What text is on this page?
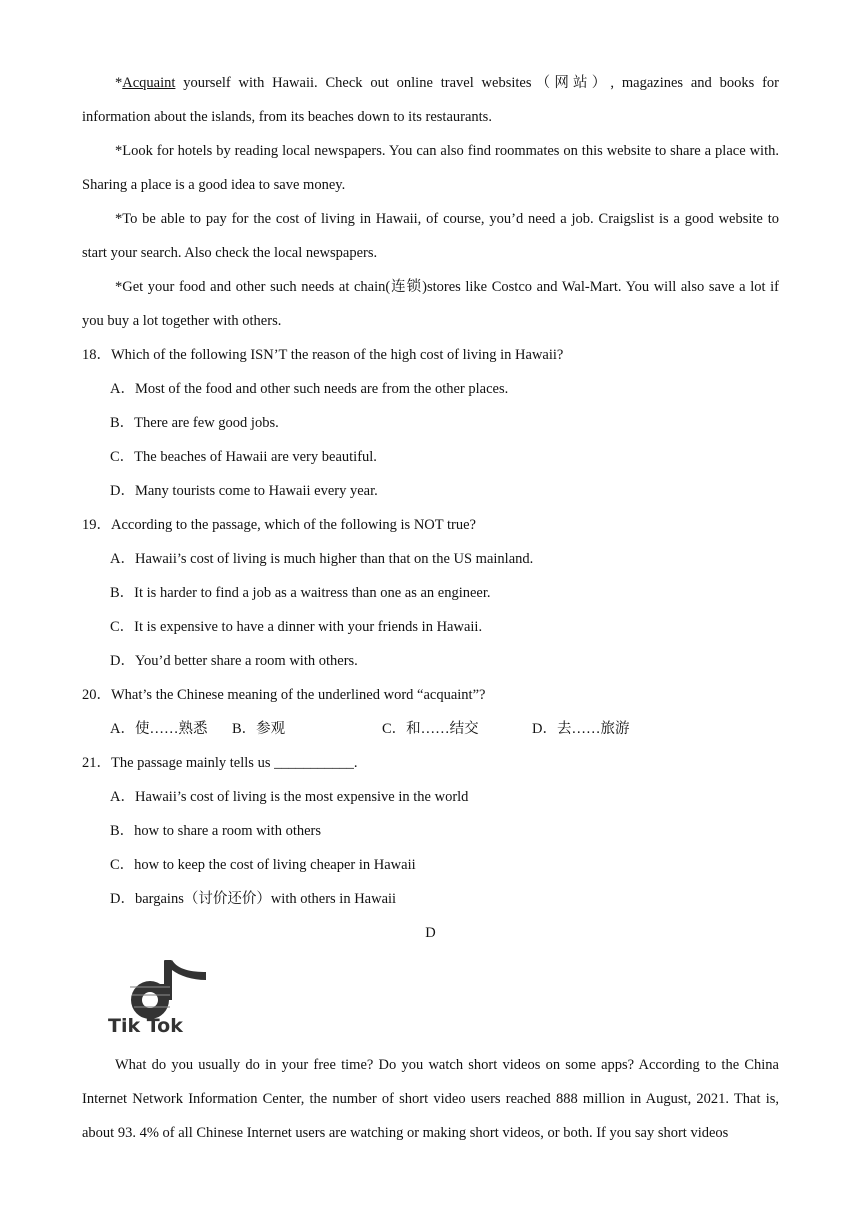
*Acquaint yourself with Hawaii. Check out online travel websites（网站）, magazines and books for information about the islands, from its beaches down to its restaurants.

*Look for hotels by reading local newspapers. You can also find roommates on this website to share a place with. Sharing a place is a good idea to save money.

*To be able to pay for the cost of living in Hawaii, of course, you’d need a job. Craigslist is a good website to start your search. Also check the local newspapers.

*Get your food and other such needs at chain(连锁)stores like Costco and Wal-Mart. You will also save a lot if you buy a lot together with others.

18．Which of the following ISN’T the reason of the high cost of living in Hawaii?

A．Most of the food and other such needs are from the other places.

B．There are few good jobs.

C．The beaches of Hawaii are very beautiful.

D．Many tourists come to Hawaii every year.

19．According to the passage, which of the following is NOT true?

A．Hawaii’s cost of living is much higher than that on the US mainland.

B．It is harder to find a job as a waitress than one as an engineer.

C．It is expensive to have a dinner with your friends in Hawaii.

D．You’d better share a room with others.

20．What’s the Chinese meaning of the underlined word “acquaint”?

A．使……熟悉	B．参观	C．和……结交	D．去……旅游

21．The passage mainly tells us ___________.

A．Hawaii’s cost of living is the most expensive in the world

B．how to share a room with others

C．how to keep the cost of living cheaper in Hawaii

D．bargains（讨价还价）with others in Hawaii

D

Tik Tok

What do you usually do in your free time? Do you watch short videos on some apps? According to the China Internet Network Information Center, the number of short video users reached 888 million in August, 2021. That is, about 93. 4% of all Chinese Internet users are watching or making short videos, or both. If you say short videos
